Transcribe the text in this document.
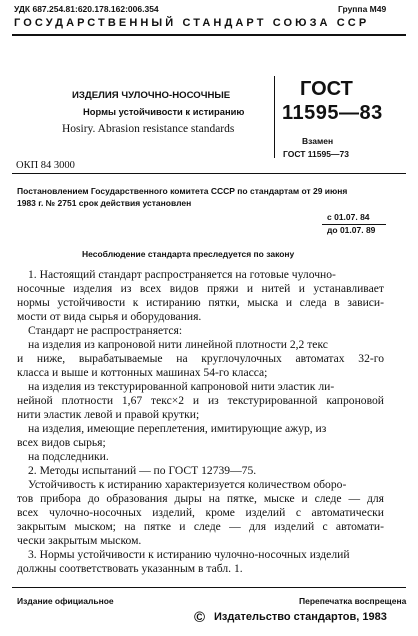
УДК 687.254.81:620.178.162:006.354	Группа М49
ГОСУДАРСТВЕННЫЙ СТАНДАРТ СОЮЗА ССР
ИЗДЕЛИЯ ЧУЛОЧНО-НОСОЧНЫЕ
Нормы устойчивости к истиранию
Hosiry. Abrasion resistance standards
ГОСТ
11595—83
Взамен
ГОСТ 11595—73
ОКП 84 3000
Постановлением Государственного комитета СССР по стандартам от 29 июня
1983 г. № 2751 срок действия установлен
с 01.07. 84
до 01.07. 89
Несоблюдение стандарта преследуется по закону
1. Настоящий стандарт распространяется на готовые чулочно-
носочные изделия из всех видов пряжи и нитей и устанавливает
нормы устойчивости к истиранию пятки, мыска и следа в зависи-
мости от вида сырья и оборудования.
Стандарт не распространяется:
на изделия из капроновой нити линейной плотности 2,2 текс
и ниже, вырабатываемые на круглочулочных автоматах 32-го
класса и выше и коттонных машинах 54-го класса;
на изделия из текстурированной капроновой нити эластик ли-
нейной плотности 1,67 текс×2 и из текстурированной капроновой
нити эластик левой и правой крутки;
на изделия, имеющие переплетения, имитирующие ажур, из
всех видов сырья;
на подследники.
2. Методы испытаний — по ГОСТ 12739—75.
Устойчивость к истиранию характеризуется количеством оборо-
тов прибора до образования дыры на пятке, мыске и следе — для
всех чулочно-носочных изделий, кроме изделий с автоматически
закрытым мыском; на пятке и следе — для изделий с автомати-
чески закрытым мыском.
3. Нормы устойчивости к истиранию чулочно-носочных изделий
должны соответствовать указанным в табл. 1.
Издание официальное	Перепечатка воспрещена
© Издательство стандартов, 1983
